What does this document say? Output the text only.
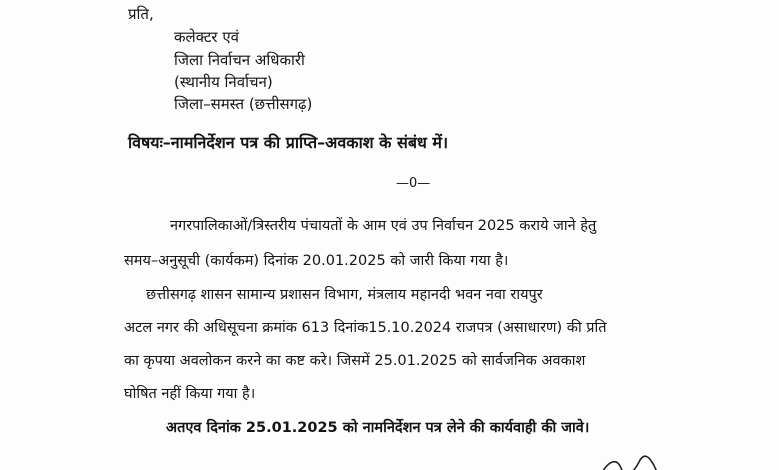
प्रति,
कलेक्टर एवं
जिला निर्वाचन अधिकारी
(स्थानीय निर्वाचन)
जिला–समस्त (छत्तीसगढ़)
विषयः–नामनिर्देशन पत्र की प्राप्ति–अवकाश के संबंध में।
—0—
नगरपालिकाओं/त्रिस्तरीय पंचायतों के आम एवं उप निर्वाचन 2025 कराये जाने हेतु
समय–अनुसूची (कार्यकम) दिनांक 20.01.2025 को जारी किया गया है।
छत्तीसगढ़ शासन सामान्य प्रशासन विभाग, मंत्रलाय महानदी भवन नवा रायपुर
अटल नगर की अधिसूचना क्रमांक 613 दिनांक15.10.2024 राजपत्र (असाधारण) की प्रति
का कृपया अवलोकन करने का कष्ट करे। जिसमें 25.01.2025 को सार्वजनिक अवकाश
घोषित नहीं किया गया है।
अतएव दिनांक 25.01.2025 को नामनिर्देशन पत्र लेने की कार्यवाही की जावे।
